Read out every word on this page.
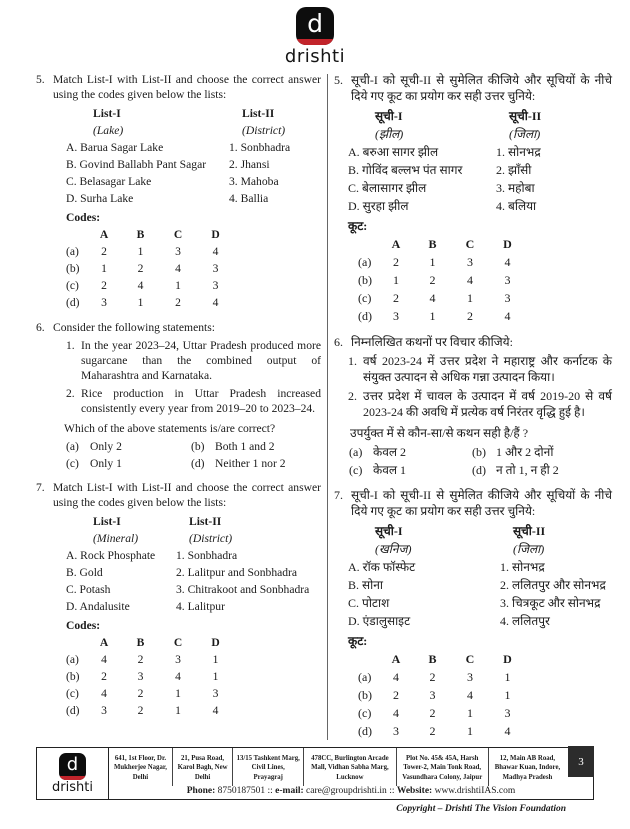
d
drishti
5. Match List-I with List-II and choose the correct answer using the codes given below the lists:
List-I	List-II
(Lake)	(District)
A. Barua Sagar Lake	1. Sonbhadra
B. Govind Ballabh Pant Sagar	2. Jhansi
C. Belasagar Lake	3. Mahoba
D. Surha Lake	4. Ballia
Codes:
A	B	C	D
(a)	2	1	3	4
(b)	1	2	4	3
(c)	2	4	1	3
(d)	3	1	2	4
6. Consider the following statements:
1. In the year 2023–24, Uttar Pradesh produced more sugarcane than the combined output of Maharashtra and Karnataka.
2. Rice production in Uttar Pradesh increased consistently every year from 2019–20 to 2023–24.
Which of the above statements is/are correct?
(a) Only 2	(b) Both 1 and 2
(c) Only 1	(d) Neither 1 nor 2
7. Match List-I with List-II and choose the correct answer using the codes given below the lists:
List-I	List-II
(Mineral)	(District)
A. Rock Phosphate	1. Sonbhadra
B. Gold	2. Lalitpur and Sonbhadra
C. Potash	3. Chitrakoot and Sonbhadra
D. Andalusite	4. Lalitpur
Codes:
A	B	C	D
(a)	4	2	3	1
(b)	2	3	4	1
(c)	4	2	1	3
(d)	3	2	1	4
5. सूची-I को सूची-II से सुमेलित कीजिये और सूचियों के नीचे दिये गए कूट का प्रयोग कर सही उत्तर चुनिये:
सूची-I	सूची-II
(झील)	(जिला)
A. बरुआ सागर झील	1. सोनभद्र
B. गोविंद बल्लभ पंत सागर	2. झाँसी
C. बेलासागर झील	3. महोबा
D. सुरहा झील	4. बलिया
कूट:
A	B	C	D
(a)	2	1	3	4
(b)	1	2	4	3
(c)	2	4	1	3
(d)	3	1	2	4
6. निम्नलिखित कथनों पर विचार कीजिये:
1. वर्ष 2023-24 में उत्तर प्रदेश ने महाराष्ट्र और कर्नाटक के संयुक्त उत्पादन से अधिक गन्ना उत्पादन किया।
2. उत्तर प्रदेश में चावल के उत्पादन में वर्ष 2019-20 से वर्ष 2023-24 की अवधि में प्रत्येक वर्ष निरंतर वृद्धि हुई है।
उपर्युक्त में से कौन-सा/से कथन सही है/हैं ?
(a) केवल 2	(b) 1 और 2 दोनों
(c) केवल 1	(d) न तो 1, न ही 2
7. सूची-I को सूची-II से सुमेलित कीजिये और सूचियों के नीचे दिये गए कूट का प्रयोग कर सही उत्तर चुनिये:
सूची-I	सूची-II
(खनिज)	(जिला)
A. रॉक फॉस्फेट	1. सोनभद्र
B. सोना	2. ललितपुर और सोनभद्र
C. पोटाश	3. चित्रकूट और सोनभद्र
D. एंडालुसाइट	4. ललितपुर
कूट:
A	B	C	D
(a)	4	2	3	1
(b)	2	3	4	1
(c)	4	2	1	3
(d)	3	2	1	4
d
drishti
641, 1st Floor, Dr. Mukherjee Nagar, Delhi
21, Pusa Road, Karol Bagh, New Delhi
13/15 Tashkent Marg, Civil Lines, Prayagraj
478CC, Burlington Arcade Mall, Vidhan Sabha Marg, Lucknow
Plot No. 45& 45A, Harsh Tower-2, Main Tonk Road, Vasundhara Colony, Jaipur
12, Main AB Road, Bhawar Kuan, Indore, Madhya Pradesh
Phone: 8750187501 :: e-mail: care@groupdrishti.in :: Website: www.drishtiIAS.com
3
Copyright – Drishti The Vision Foundation
